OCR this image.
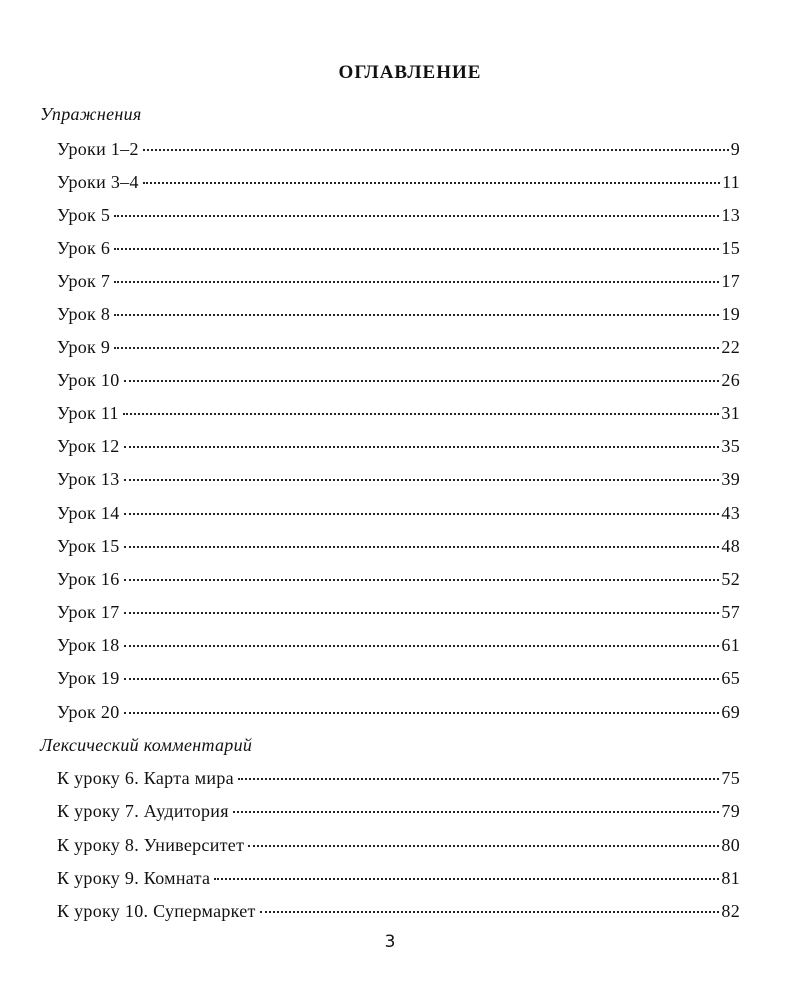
ОГЛАВЛЕНИЕ
Упражнения
Уроки 1–2	9
Уроки 3–4	11
Урок 5	13
Урок 6	15
Урок 7	17
Урок 8	19
Урок 9	22
Урок 10	26
Урок 11	31
Урок 12	35
Урок 13	39
Урок 14	43
Урок 15	48
Урок 16	52
Урок 17	57
Урок 18	61
Урок 19	65
Урок 20	69
Лексический комментарий
К уроку 6. Карта мира	75
К уроку 7. Аудитория	79
К уроку 8. Университет	80
К уроку 9. Комната	81
К уроку 10. Супермаркет	82
3
